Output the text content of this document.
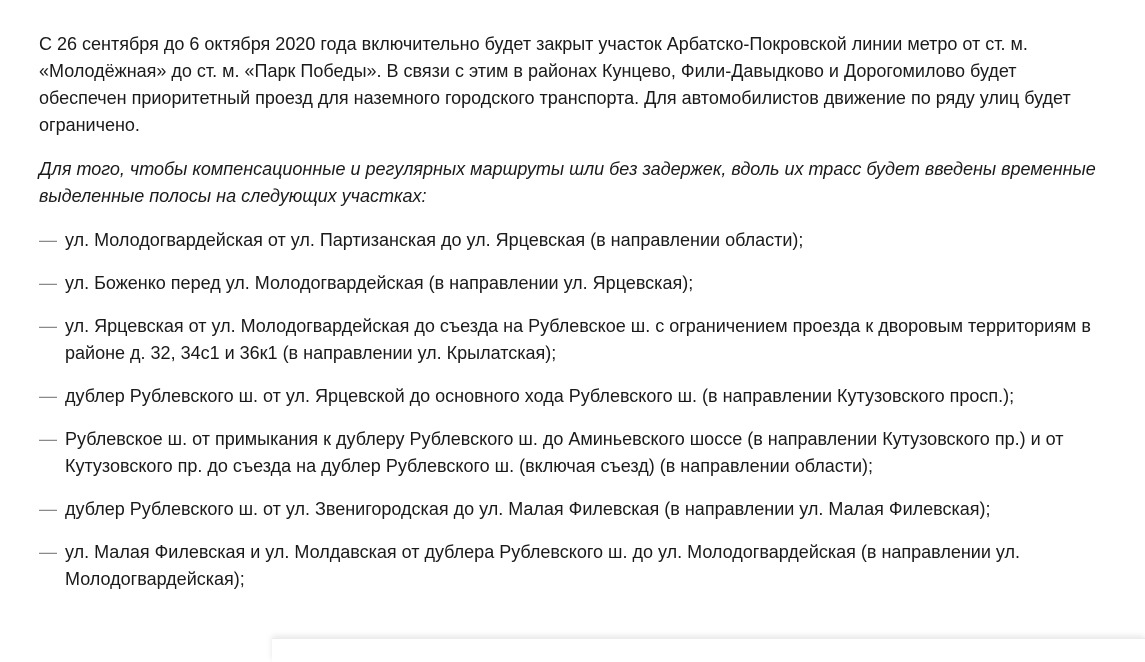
С 26 сентября до 6 октября 2020 года включительно будет закрыт участок Арбатско-Покровской линии метро от ст. м. «Молодёжная» до ст. м. «Парк Победы». В связи с этим в районах Кунцево, Фили-Давыдково и Дорогомилово будет обеспечен приоритетный проезд для наземного городского транспорта. Для автомобилистов движение по ряду улиц будет ограничено.

Для того, чтобы компенсационные и регулярных маршруты шли без задержек, вдоль их трасс будет введены временные выделенные полосы на следующих участках:

— ул. Молодогвардейская от ул. Партизанская до ул. Ярцевская (в направлении области);
— ул. Боженко перед ул. Молодогвардейская (в направлении ул. Ярцевская);
— ул. Ярцевская от ул. Молодогвардейская до съезда на Рублевское ш. с ограничением проезда к дворовым территориям в районе д. 32, 34с1 и 36к1 (в направлении ул. Крылатская);
— дублер Рублевского ш. от ул. Ярцевской до основного хода Рублевского ш. (в направлении Кутузовского просп.);
— Рублевское ш. от примыкания к дублеру Рублевского ш. до Аминьевского шоссе (в направлении Кутузовского пр.) и от Кутузовского пр. до съезда на дублер Рублевского ш. (включая съезд) (в направлении области);
— дублер Рублевского ш. от ул. Звенигородская до ул. Малая Филевская (в направлении ул. Малая Филевская);
— ул. Малая Филевская и ул. Молдавская от дублера Рублевского ш. до ул. Молодогвардейская (в направлении ул. Молодогвардейская);
